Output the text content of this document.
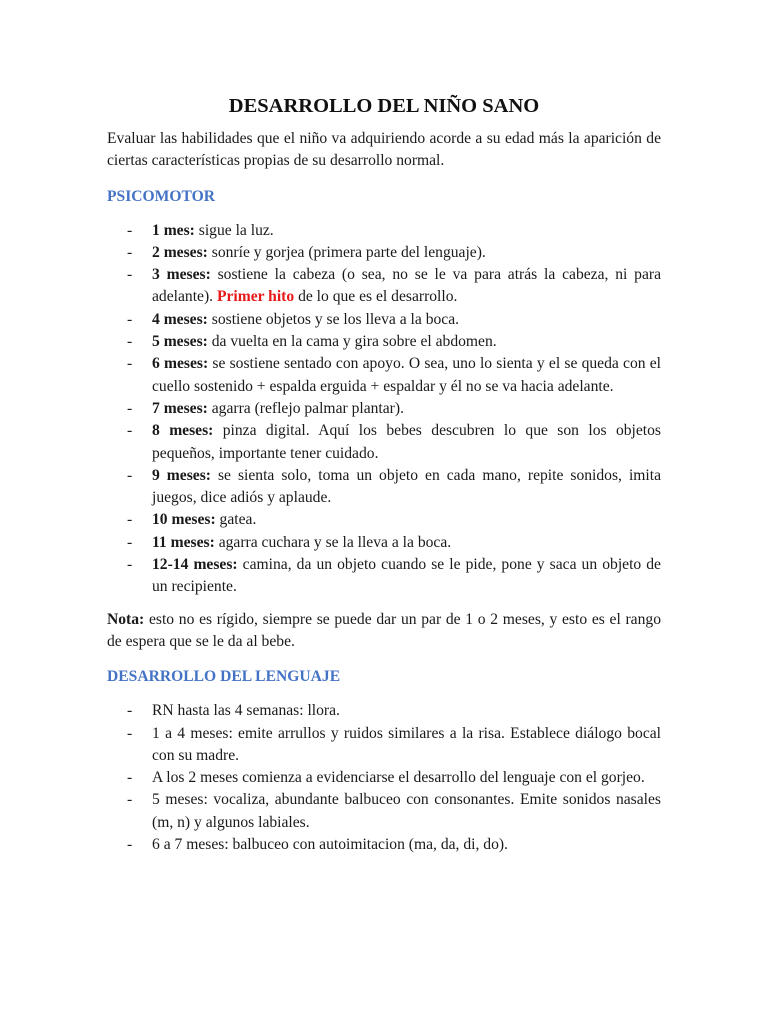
DESARROLLO DEL NIÑO SANO

Evaluar las habilidades que el niño va adquiriendo acorde a su edad más la aparición de ciertas características propias de su desarrollo normal.

PSICOMOTOR
- 1 mes: sigue la luz.
- 2 meses: sonríe y gorjea (primera parte del lenguaje).
- 3 meses: sostiene la cabeza (o sea, no se le va para atrás la cabeza, ni para adelante). Primer hito de lo que es el desarrollo.
- 4 meses: sostiene objetos y se los lleva a la boca.
- 5 meses: da vuelta en la cama y gira sobre el abdomen.
- 6 meses: se sostiene sentado con apoyo. O sea, uno lo sienta y el se queda con el cuello sostenido + espalda erguida + espaldar y él no se va hacia adelante.
- 7 meses: agarra (reflejo palmar plantar).
- 8 meses: pinza digital. Aquí los bebes descubren lo que son los objetos pequeños, importante tener cuidado.
- 9 meses: se sienta solo, toma un objeto en cada mano, repite sonidos, imita juegos, dice adiós y aplaude.
- 10 meses: gatea.
- 11 meses: agarra cuchara y se la lleva a la boca.
- 12-14 meses: camina, da un objeto cuando se le pide, pone y saca un objeto de un recipiente.

Nota: esto no es rígido, siempre se puede dar un par de 1 o 2 meses, y esto es el rango de espera que se le da al bebe.

DESARROLLO DEL LENGUAJE
- RN hasta las 4 semanas: llora.
- 1 a 4 meses: emite arrullos y ruidos similares a la risa. Establece diálogo bocal con su madre.
- A los 2 meses comienza a evidenciarse el desarrollo del lenguaje con el gorjeo.
- 5 meses: vocaliza, abundante balbuceo con consonantes. Emite sonidos nasales (m, n) y algunos labiales.
- 6 a 7 meses: balbuceo con autoimitacion (ma, da, di, do).
